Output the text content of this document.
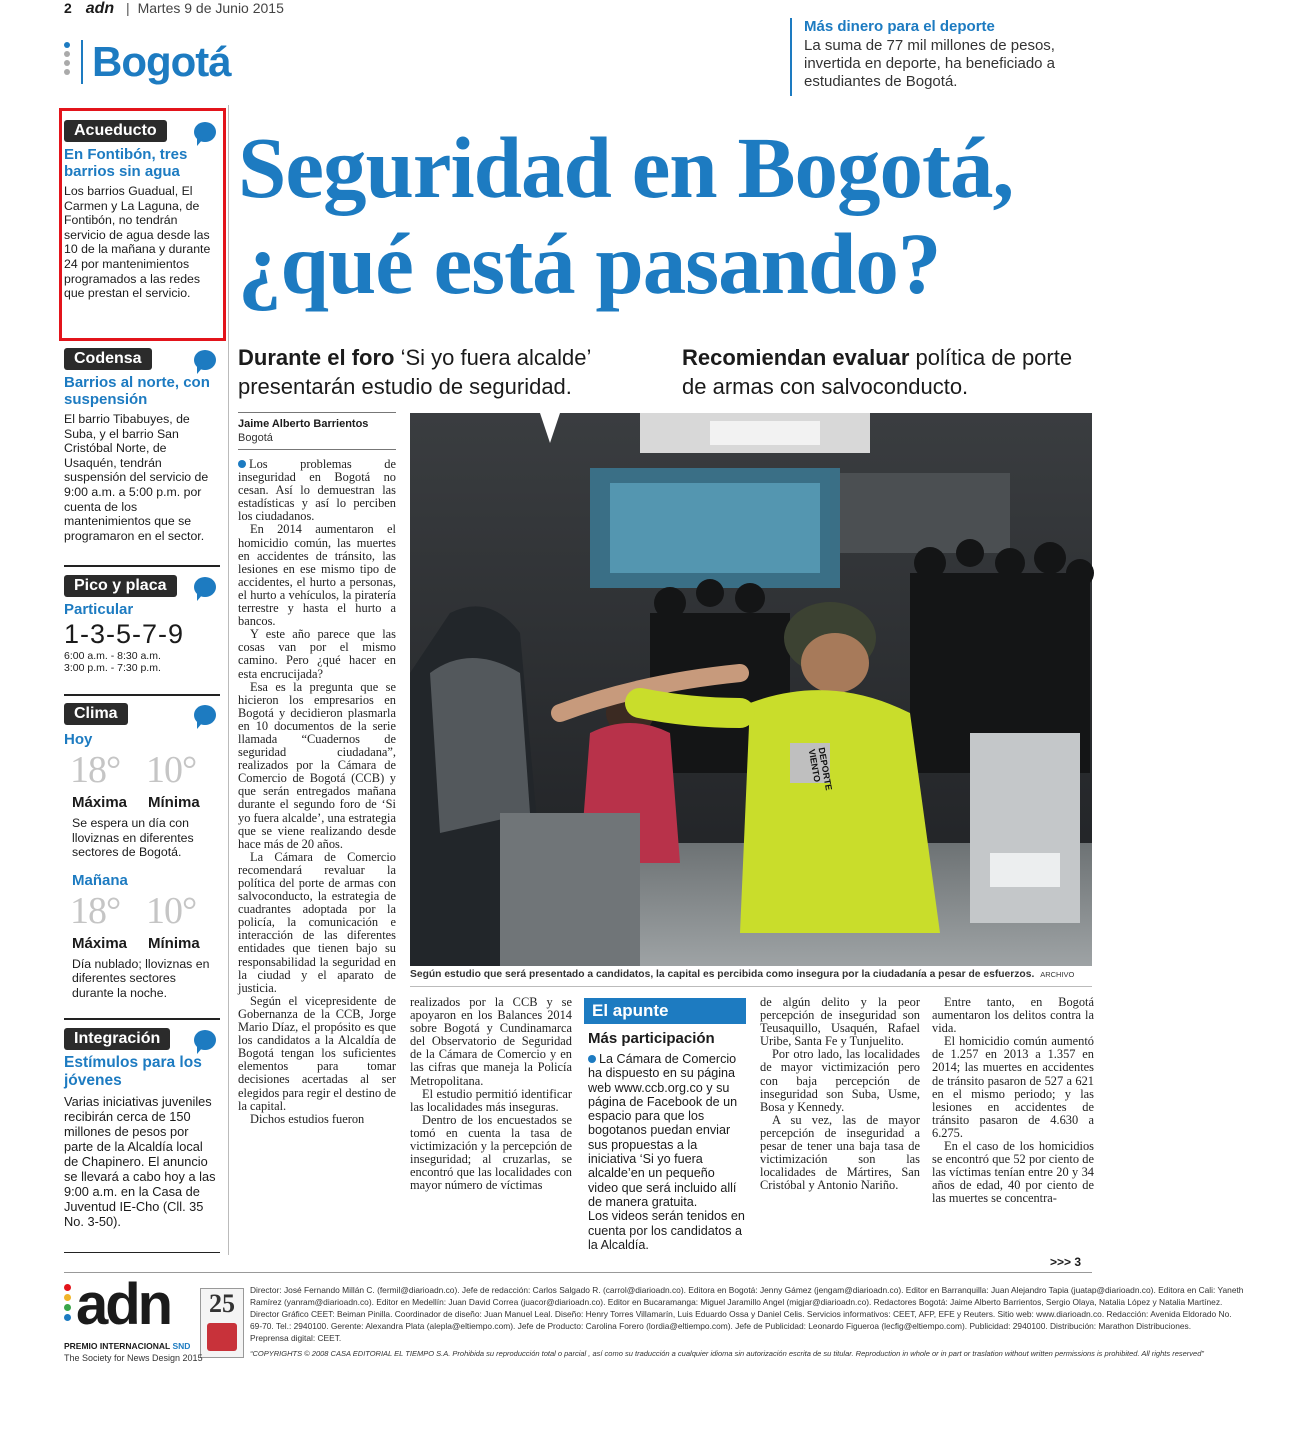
2 adn | Martes 9 de Junio 2015
Bogotá
Más dinero para el deporte
La suma de 77 mil millones de pesos, invertida en deporte, ha beneficiado a estudiantes de Bogotá.
Acueducto
En Fontibón, tres barrios sin agua
Los barrios Guadual, El Carmen y La Laguna, de Fontibón, no tendrán servicio de agua desde las 10 de la mañana y durante 24 por mantenimientos programados a las redes que prestan el servicio.
Codensa
Barrios al norte, con suspensión
El barrio Tibabuyes, de Suba, y el barrio San Cristóbal Norte, de Usaquén, tendrán suspensión del servicio de 9:00 a.m. a 5:00 p.m. por cuenta de los mantenimientos que se programaron en el sector.
Pico y placa
Particular
1-3-5-7-9
6:00 a.m. - 8:30 a.m.
3:00 p.m. - 7:30 p.m.
Clima
Hoy
18° 10°
Máxima Mínima
Se espera un día con lloviznas en diferentes sectores de Bogotá.
Mañana
18° 10°
Máxima Mínima
Día nublado; lloviznas en diferentes sectores durante la noche.
Integración
Estímulos para los jóvenes
Varias iniciativas juveniles recibirán cerca de 150 millones de pesos por parte de la Alcaldía local de Chapinero. El anuncio se llevará a cabo hoy a las 9:00 a.m. en la Casa de Juventud IE-Cho (Cll. 35 No. 3-50).
Seguridad en Bogotá,
¿qué está pasando?
Durante el foro ‘Si yo fuera alcalde’ presentarán estudio de seguridad.
Recomiendan evaluar política de porte de armas con salvoconducto.
Jaime Alberto Barrientos
Bogotá

Los problemas de inseguridad en Bogotá no cesan. Así lo demuestran las estadísticas y así lo perciben los ciudadanos.

En 2014 aumentaron el homicidio común, las muertes en accidentes de tránsito, las lesiones en ese mismo tipo de accidentes, el hurto a personas, el hurto a vehículos, la piratería terrestre y hasta el hurto a bancos.

Y este año parece que las cosas van por el mismo camino. Pero ¿qué hacer en esta encrucijada?

Esa es la pregunta que se hicieron los empresarios en Bogotá y decidieron plasmarla en 10 documentos de la serie llamada “Cuadernos de seguridad ciudadana”, realizados por la Cámara de Comercio de Bogotá (CCB) y que serán entregados mañana durante el segundo foro de ‘Si yo fuera alcalde’, una estrategia que se viene realizando desde hace más de 20 años.

La Cámara de Comercio recomendará revaluar la política del porte de armas con salvoconducto, la estrategia de cuadrantes adoptada por la policía, la comunicación e interacción de las diferentes entidades que tienen bajo su responsabilidad la seguridad en la ciudad y el aparato de justicia.

Según el vicepresidente de Gobernanza de la CCB, Jorge Mario Díaz, el propósito es que los candidatos a la Alcaldía de Bogotá tengan los suficientes elementos para tomar decisiones acertadas al ser elegidos para regir el destino de la capital.

Dichos estudios fueron

DEPORTE VIENTO
Según estudio que será presentado a candidatos, la capital es percibida como insegura por la ciudadanía a pesar de esfuerzos. ARCHIVO

realizados por la CCB y se apoyaron en los Balances 2014 sobre Bogotá y Cundinamarca del Observatorio de Seguridad de la Cámara de Comercio y en las cifras que maneja la Policía Metropolitana.

El estudio permitió identificar las localidades más inseguras.

Dentro de los encuestados se tomó en cuenta la tasa de victimización y la percepción de inseguridad; al cruzarlas, se encontró que las localidades con mayor número de víctimas

El apunte
Más participación
La Cámara de Comercio ha dispuesto en su página web www.ccb.org.co y su página de Facebook de un espacio para que los bogotanos puedan enviar sus propuestas a la iniciativa ‘Si yo fuera alcalde’en un pequeño video que será incluido allí de manera gratuita.
Los videos serán tenidos en cuenta por los candidatos a la Alcaldía.

de algún delito y la peor percepción de inseguridad son Teusaquillo, Usaquén, Rafael Uribe, Santa Fe y Tunjuelito.

Por otro lado, las localidades de mayor victimización pero con baja percepción de inseguridad son Suba, Usme, Bosa y Kennedy.

A su vez, las de mayor percepción de inseguridad a pesar de tener una baja tasa de victimización son las localidades de Mártires, San Cristóbal y Antonio Nariño.

Entre tanto, en Bogotá aumentaron los delitos contra la vida.

El homicidio común aumentó de 1.257 en 2013 a 1.357 en 2014; las muertes en accidentes de tránsito pasaron de 527 a 621 en el mismo periodo; y las lesiones en accidentes de tránsito pasaron de 4.630 a 6.275.

En el caso de los homicidios se encontró que 52 por ciento de las víctimas tenían entre 20 y 34 años de edad, 40 por ciento de las muertes se concentra-

>>> 3
adn	25
PREMIO INTERNACIONAL SND
The Society for News Design 2015
Director: José Fernando Millán C. (fermil@diarioadn.co). Jefe de redacción: Carlos Salgado R. (carrol@diarioadn.co). Editora en Bogotá: Jenny Gámez (jengam@diarioadn.co). Editor en Barranquilla: Juan Alejandro Tapia (juatap@diarioadn.co). Editora en Cali: Yaneth
Ramírez (yanram@diarioadn.co). Editor en Medellín: Juan David Correa (juacor@diarioadn.co). Editor en Bucaramanga: Miguel Jaramillo Angel (migjar@diarioadn.co). Redactores Bogotá: Jaime Alberto Barrientos, Sergio Olaya, Natalia López y Natalia Martínez.
Director Gráfico CEET: Beiman Pinilla. Coordinador de diseño: Juan Manuel Leal. Diseño: Henry Torres Villamarín, Luis Eduardo Ossa y Daniel Celis. Servicios informativos: CEET, AFP, EFE y Reuters. Sitio web: www.diarioadn.co. Redacción: Avenida Eldorado No.
69-70. Tel.: 2940100. Gerente: Alexandra Plata (alepla@eltiempo.com). Jefe de Producto: Carolina Forero (lordia@eltiempo.com). Jefe de Publicidad: Leonardo Figueroa (lecfig@eltiempo.com). Publicidad: 2940100. Distribución: Marathon Distribuciones.
Preprensa digital: CEET.
“COPYRIGHTS © 2008 CASA EDITORIAL EL TIEMPO S.A. Prohibida su reproducción total o parcial , así como su traducción a cualquier idioma sin autorización escrita de su titular. Reproduction in whole or in part or traslation without written permissions is prohibited. All rights reserved”
